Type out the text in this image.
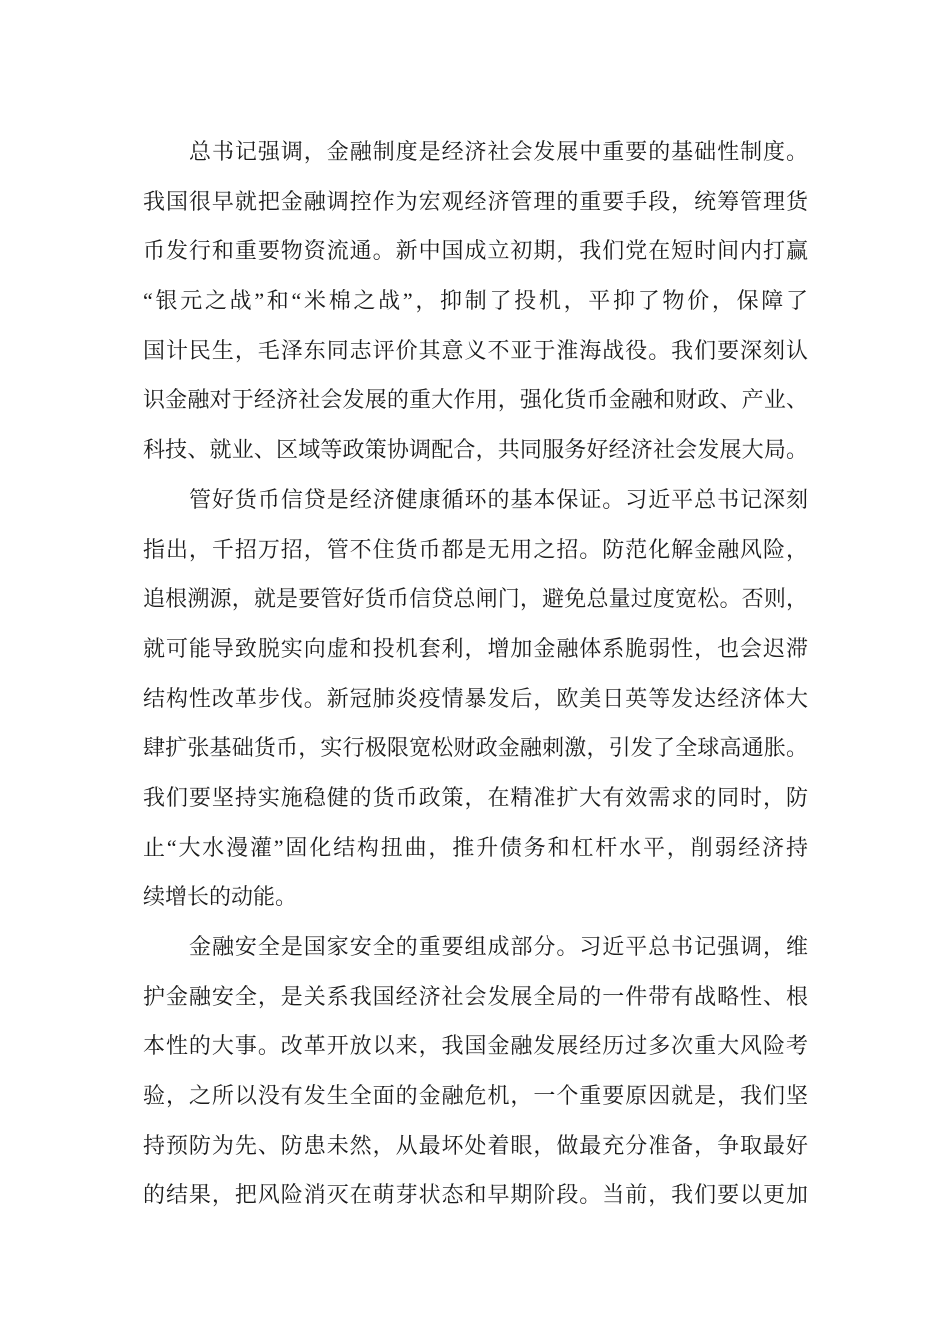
总书记强调，金融制度是经济社会发展中重要的基础性制度。
我国很早就把金融调控作为宏观经济管理的重要手段，统筹管理货
币发行和重要物资流通。新中国成立初期，我们党在短时间内打赢
“银元之战”和“米棉之战”，抑制了投机，平抑了物价，保障了
国计民生，毛泽东同志评价其意义不亚于淮海战役。我们要深刻认
识金融对于经济社会发展的重大作用，强化货币金融和财政、产业、
科技、就业、区域等政策协调配合，共同服务好经济社会发展大局。
管好货币信贷是经济健康循环的基本保证。习近平总书记深刻
指出，千招万招，管不住货币都是无用之招。防范化解金融风险，
追根溯源，就是要管好货币信贷总闸门，避免总量过度宽松。否则，
就可能导致脱实向虚和投机套利，增加金融体系脆弱性，也会迟滞
结构性改革步伐。新冠肺炎疫情暴发后，欧美日英等发达经济体大
肆扩张基础货币，实行极限宽松财政金融刺激，引发了全球高通胀。
我们要坚持实施稳健的货币政策，在精准扩大有效需求的同时，防
止“大水漫灌”固化结构扭曲，推升债务和杠杆水平，削弱经济持
续增长的动能。
金融安全是国家安全的重要组成部分。习近平总书记强调，维
护金融安全，是关系我国经济社会发展全局的一件带有战略性、根
本性的大事。改革开放以来，我国金融发展经历过多次重大风险考
验，之所以没有发生全面的金融危机，一个重要原因就是，我们坚
持预防为先、防患未然，从最坏处着眼，做最充分准备，争取最好
的结果，把风险消灭在萌芽状态和早期阶段。当前，我们要以更加
